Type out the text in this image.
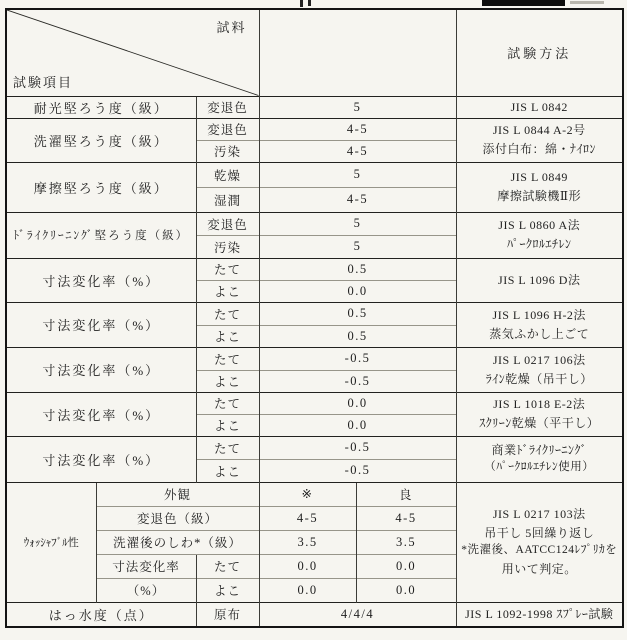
試料
試験項目					試験方法
耐光堅ろう度（級）		変退色	5		JIS L 0842

洗濯堅ろう度（級）		変退色	4-5		JIS L 0844 A-2号
添付白布：綿・ﾅｲﾛﾝ

		汚染	4-5		
摩擦堅ろう度（級）		乾燥	5		JIS L 0849
摩擦試験機Ⅱ形

		湿潤	4-5		
ﾄﾞﾗｲｸﾘｰﾆﾝｸﾞ堅ろう度（級）		変退色	5		JIS L 0860 A法
ﾊﾟｰｸﾛﾙｴﾁﾚﾝ

		汚染	5		
寸法変化率（%）		たて	0.5		JIS L 1096 D法

		よこ	0.0		
寸法変化率（%）		たて	0.5		JIS L 1096 H-2法
蒸気ふかし上ごて

		よこ	0.5		
寸法変化率（%）		たて	-0.5		JIS L 0217 106法
ﾗｲﾝ乾燥（吊干し）

		よこ	-0.5		
寸法変化率（%）		たて	0.0		JIS L 1018 E-2法
ｽｸﾘｰﾝ乾燥（平干し）

		よこ	0.0		
寸法変化率（%）		たて	-0.5		商業ﾄﾞﾗｲｸﾘｰﾆﾝｸﾞ
（ﾊﾟｰｸﾛﾙｴﾁﾚﾝ使用）

		よこ	-0.5		
ｳｫｯｼｬﾌﾞﾙ性	外観		※	良	JIS L 0217 103法
吊干し 5回繰り返し
*洗濯後、AATCC124ﾚﾌﾟﾘｶを
用いて判定。

	変退色（級）		4-5	4-5	
	洗濯後のしわ*（級）		3.5	3.5	
	寸法変化率	たて	0.0	0.0	
	（%）	よこ	0.0	0.0	
はっ水度（点）		原布	4/4/4		JIS L 1092-1998 ｽﾌﾟﾚｰ試験
